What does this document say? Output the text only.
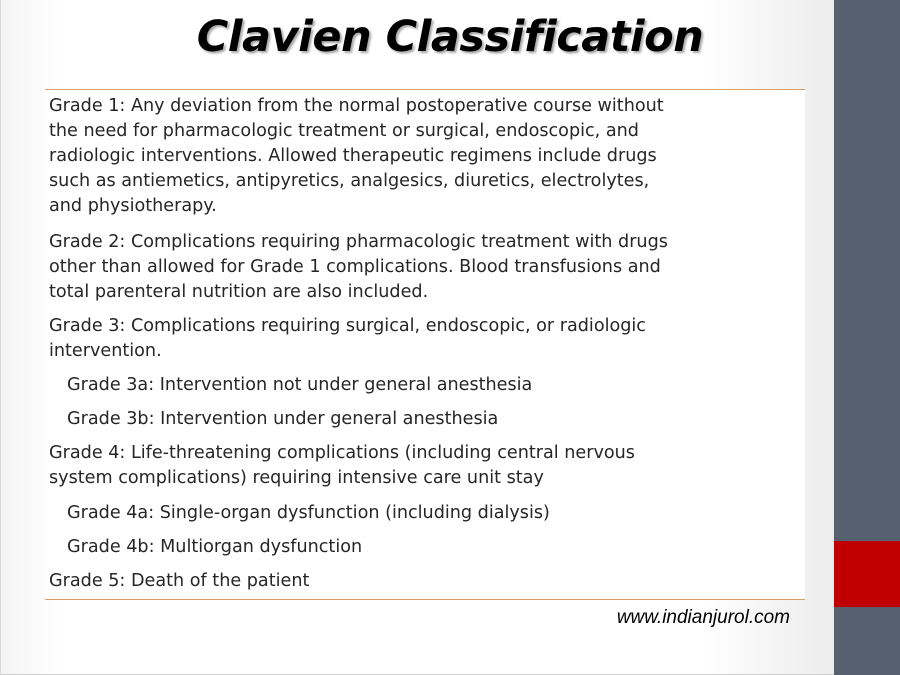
Clavien Classification
Grade 1: Any deviation from the normal postoperative course without
the need for pharmacologic treatment or surgical, endoscopic, and
radiologic interventions. Allowed therapeutic regimens include drugs
such as antiemetics, antipyretics, analgesics, diuretics, electrolytes,
and physiotherapy.
Grade 2: Complications requiring pharmacologic treatment with drugs
other than allowed for Grade 1 complications. Blood transfusions and
total parenteral nutrition are also included.
Grade 3: Complications requiring surgical, endoscopic, or radiologic
intervention.
Grade 3a: Intervention not under general anesthesia
Grade 3b: Intervention under general anesthesia
Grade 4: Life-threatening complications (including central nervous
system complications) requiring intensive care unit stay
Grade 4a: Single-organ dysfunction (including dialysis)
Grade 4b: Multiorgan dysfunction
Grade 5: Death of the patient
www.indianjurol.com
